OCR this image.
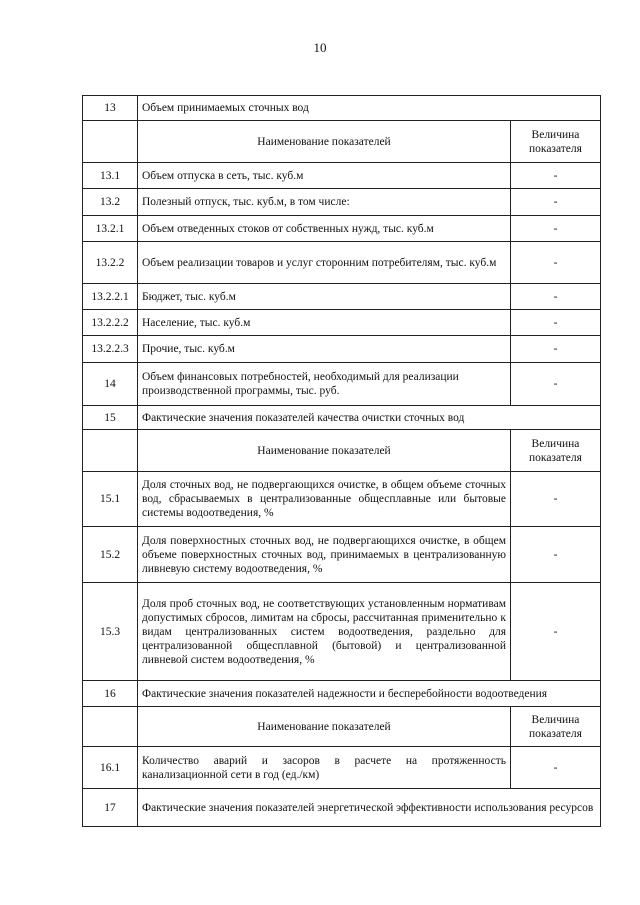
10
13	Объем принимаемых сточных вод	
	Наименование показателей	Величина
показателя
13.1	Объем отпуска в сеть, тыс. куб.м	-
13.2	Полезный отпуск, тыс. куб.м, в том числе:	-
13.2.1	Объем отведенных стоков от собственных нужд, тыс. куб.м	-
13.2.2	Объем реализации товаров и услуг сторонним потребителям, тыс. куб.м	-
13.2.2.1	Бюджет, тыс. куб.м	-
13.2.2.2	Население, тыс. куб.м	-
13.2.2.3	Прочие, тыс. куб.м	-
14	Объем финансовых потребностей, необходимый для реализации производственной программы, тыс. руб.	-
15	Фактические значения показателей качества очистки сточных вод	
	Наименование показателей	Величина
показателя
15.1	Доля сточных вод, не подвергающихся очистке, в общем объеме сточных вод, сбрасываемых в централизованные общесплавные или бытовые системы водоотведения, %	-
15.2	Доля поверхностных сточных вод, не подвергающихся очистке, в общем объеме поверхностных сточных вод, принимаемых в централизованную ливневую систему водоотведения, %	-
15.3	Доля проб сточных вод, не соответствующих установленным нормативам допустимых сбросов, лимитам на сбросы, рассчитанная применительно к видам централизованных систем водоотведения, раздельно для централизованной общесплавной (бытовой) и централизованной ливневой систем водоотведения, %	-
16	Фактические значения показателей надежности и бесперебойности водоотведения	
	Наименование показателей	Величина
показателя
16.1	Количество аварий и засоров в расчете на протяженность канализационной сети в год (ед./км)	-
17	Фактические значения показателей энергетической эффективности использования ресурсов	
